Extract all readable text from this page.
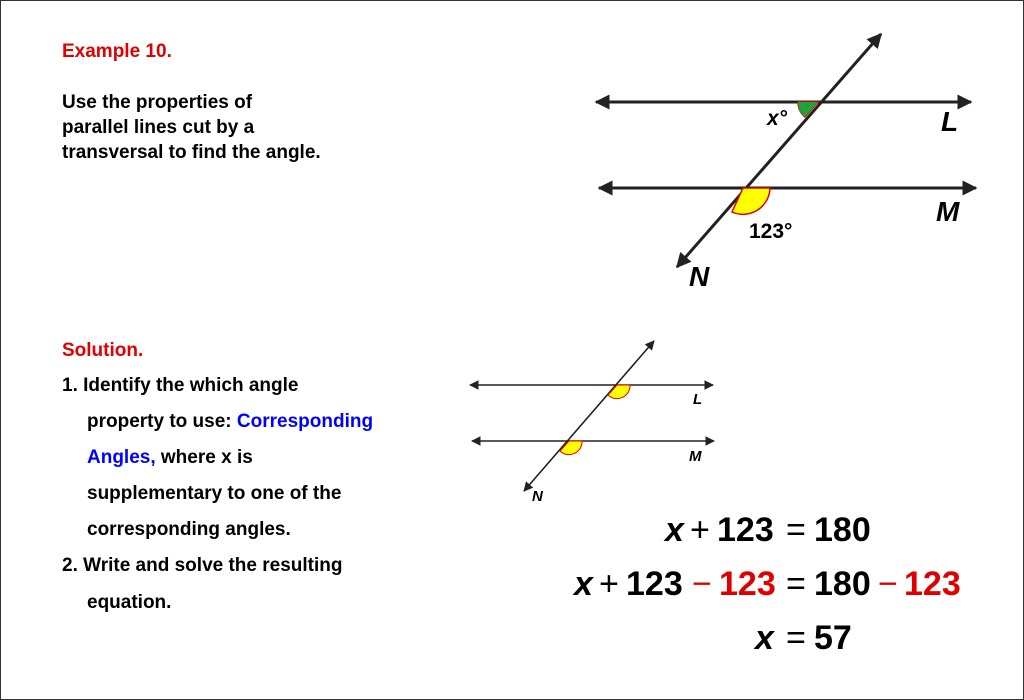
Example 10.
Use the properties of
parallel lines cut by a
transversal to find the angle.
Solution.
1. Identify the which angle
property to use: Corresponding
Angles, where x is
supplementary to one of the
corresponding angles.
2. Write and solve the resulting
equation.
x°	L
M
N
123°
L
M
N
x + 123 = 180
x + 123 − 123 = 180 − 123
x = 57
